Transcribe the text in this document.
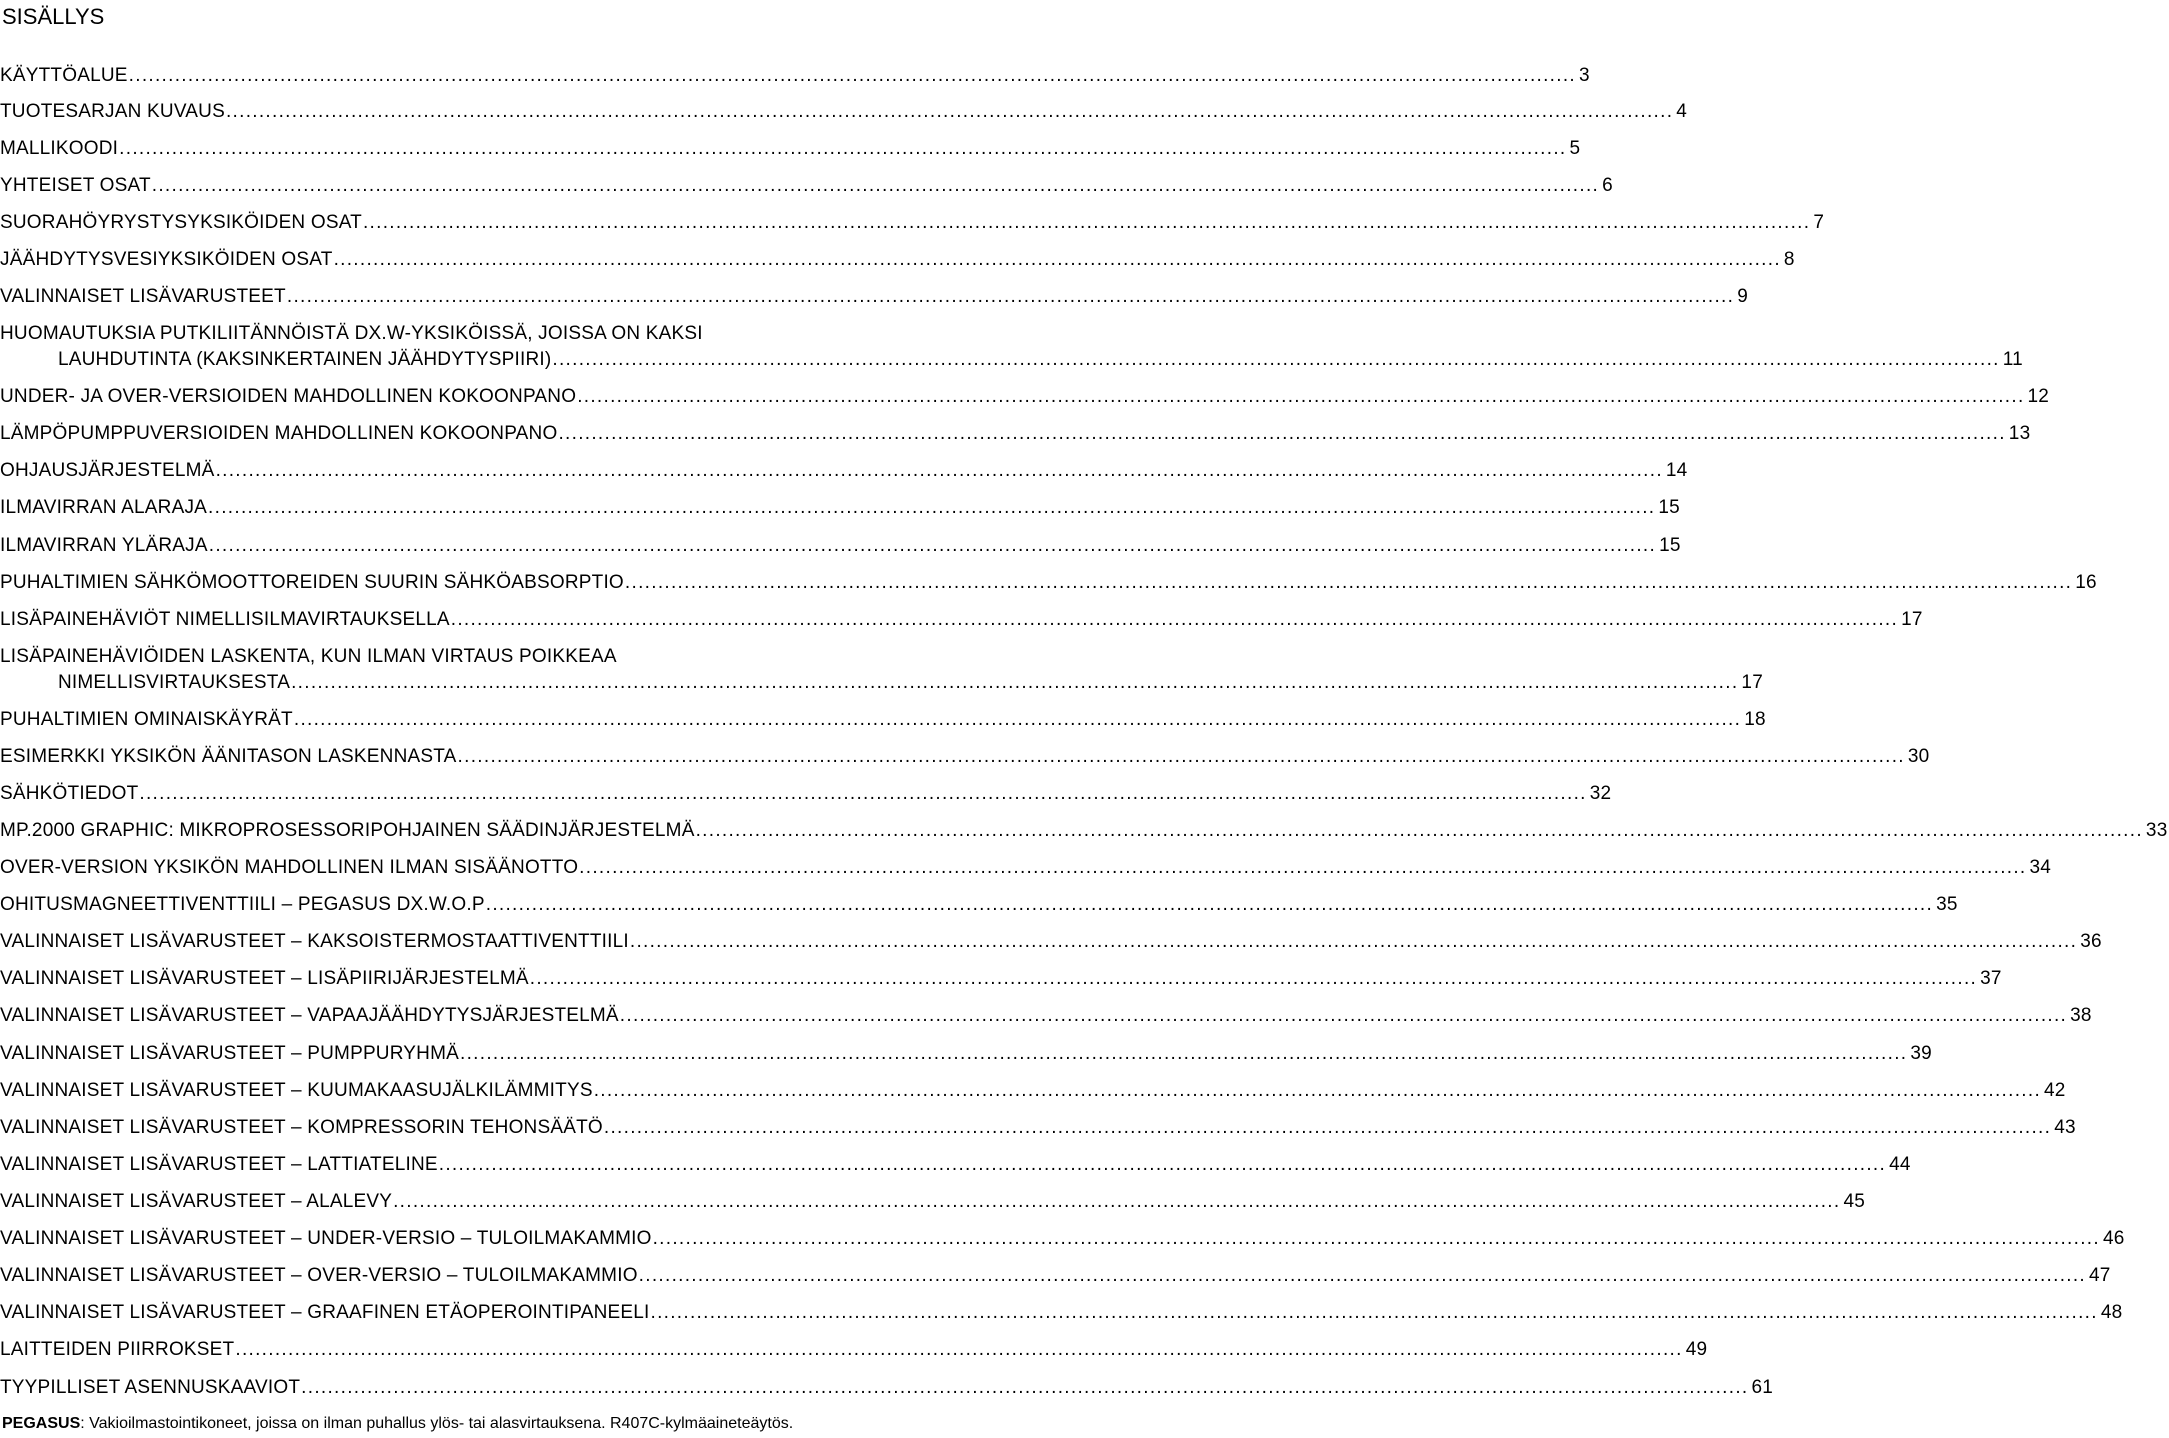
SISÄLLYS
KÄYTTÖALUE ............................................................................................................................................................................................................................ 3
TUOTESARJAN KUVAUS ............................................................................................................................................................................................................................ 4
MALLIKOODI ............................................................................................................................................................................................................................ 5
YHTEISET OSAT ............................................................................................................................................................................................................................ 6
SUORAHÖYRYSTYSYKSIKÖIDEN OSAT ............................................................................................................................................................................................................................ 7
JÄÄHDYTYSVESIYKSIKÖIDEN OSAT ............................................................................................................................................................................................................................ 8
VALINNAISET LISÄVARUSTEET ............................................................................................................................................................................................................................ 9
HUOMAUTUKSIA PUTKILIITÄNNÖISTÄ DX.W-YKSIKÖISSÄ, JOISSA ON KAKSI
LAUHDUTINTA (KAKSINKERTAINEN JÄÄHDYTYSPIIRI) ............................................................................................................................................................................................................................ 11
UNDER- JA OVER-VERSIOIDEN MAHDOLLINEN KOKOONPANO ............................................................................................................................................................................................................................ 12
LÄMPÖPUMPPUVERSIOIDEN MAHDOLLINEN KOKOONPANO ............................................................................................................................................................................................................................ 13
OHJAUSJÄRJESTELMÄ ............................................................................................................................................................................................................................ 14
ILMAVIRRAN ALARAJA ............................................................................................................................................................................................................................ 15
ILMAVIRRAN YLÄRAJA ............................................................................................................................................................................................................................ 15
PUHALTIMIEN SÄHKÖMOOTTOREIDEN SUURIN SÄHKÖABSORPTIO ............................................................................................................................................................................................................................ 16
LISÄPAINEHÄVIÖT NIMELLISILMAVIRTAUKSELLA ............................................................................................................................................................................................................................ 17
LISÄPAINEHÄVIÖIDEN LASKENTA, KUN ILMAN VIRTAUS POIKKEAA
NIMELLISVIRTAUKSESTA ............................................................................................................................................................................................................................ 17
PUHALTIMIEN OMINAISKÄYRÄT ............................................................................................................................................................................................................................ 18
ESIMERKKI YKSIKÖN ÄÄNITASON LASKENNASTA ............................................................................................................................................................................................................................ 30
SÄHKÖTIEDOT ............................................................................................................................................................................................................................ 32
MP.2000 GRAPHIC: MIKROPROSESSORIPOHJAINEN SÄÄDINJÄRJESTELMÄ ............................................................................................................................................................................................................................ 33
OVER-VERSION YKSIKÖN MAHDOLLINEN ILMAN SISÄÄNOTTO ............................................................................................................................................................................................................................ 34
OHITUSMAGNEETTIVENTTIILI – PEGASUS DX.W.O.P ............................................................................................................................................................................................................................ 35
VALINNAISET LISÄVARUSTEET – KAKSOISTERMOSTAATTIVENTTIILI ............................................................................................................................................................................................................................ 36
VALINNAISET LISÄVARUSTEET – LISÄPIIRIJÄRJESTELMÄ ............................................................................................................................................................................................................................ 37
VALINNAISET LISÄVARUSTEET – VAPAAJÄÄHDYTYSJÄRJESTELMÄ ............................................................................................................................................................................................................................ 38
VALINNAISET LISÄVARUSTEET – PUMPPURYHMÄ ............................................................................................................................................................................................................................ 39
VALINNAISET LISÄVARUSTEET – KUUMAKAASUJÄLKILÄMMITYS ............................................................................................................................................................................................................................ 42
VALINNAISET LISÄVARUSTEET – KOMPRESSORIN TEHONSÄÄTÖ ............................................................................................................................................................................................................................ 43
VALINNAISET LISÄVARUSTEET – LATTIATELINE ............................................................................................................................................................................................................................ 44
VALINNAISET LISÄVARUSTEET – ALALEVY ............................................................................................................................................................................................................................ 45
VALINNAISET LISÄVARUSTEET – UNDER-VERSIO – TULOILMAKAMMIO ............................................................................................................................................................................................................................ 46
VALINNAISET LISÄVARUSTEET – OVER-VERSIO – TULOILMAKAMMIO ............................................................................................................................................................................................................................ 47
VALINNAISET LISÄVARUSTEET – GRAAFINEN ETÄOPEROINTIPANEELI ............................................................................................................................................................................................................................ 48
LAITTEIDEN PIIRROKSET ............................................................................................................................................................................................................................ 49
TYYPILLISET ASENNUSKAAVIOT ............................................................................................................................................................................................................................ 61
PEGASUS: Vakioilmastointikoneet, joissa on ilman puhallus ylös- tai alasvirtauksena. R407C-kylmäaineteäytös.
